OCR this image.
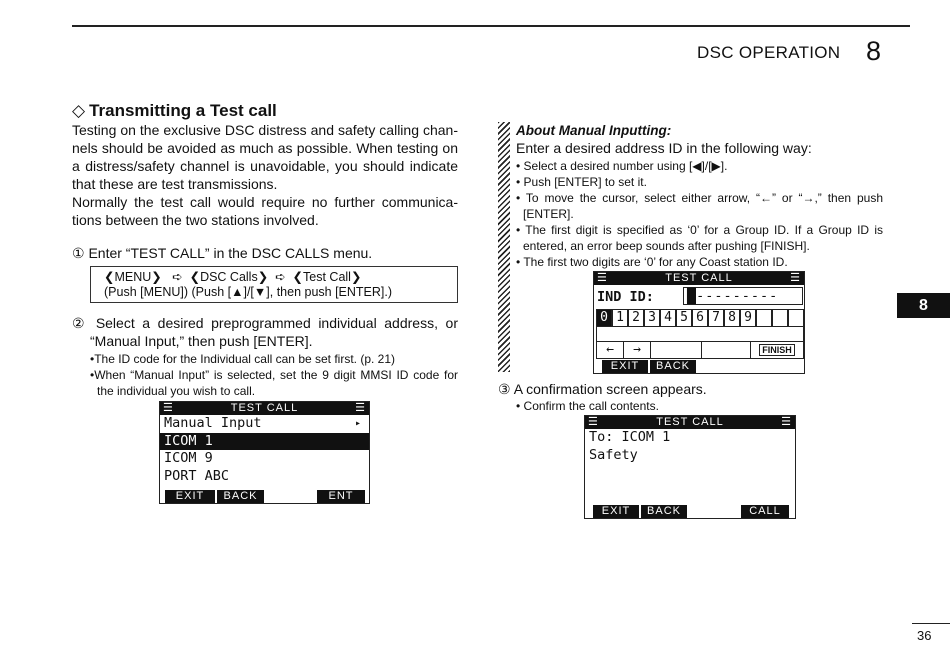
DSC OPERATION 8
8
36
◇ Transmitting a Test call
Testing on the exclusive DSC distress and safety calling chan-
nels should be avoided as much as possible. When testing on
a distress/safety channel is unavoidable, you should indicate
that these are test transmissions.
Normally the test call would require no further communica-
tions between the two stations involved.
① Enter “TEST CALL” in the DSC CALLS menu.
❮MENU❯   ➪  ❮DSC Calls❯  ➪  ❮Test Call❯
(Push [MENU]) (Push [▲]/[▼], then push [ENTER].)
② Select a desired preprogrammed individual address, or
“Manual Input,” then push [ENTER].
•The ID code for the Individual call can be set first. (p. 21)
•When “Manual Input” is selected, set the 9 digit MMSI ID code for
the individual you wish to call.
☰	TEST CALL	☰
Manual Input	▸
ICOM 1
ICOM 9
PORT ABC
EXIT	BACK	ENT
About Manual Inputting:
Enter a desired address ID in the following way:
• Select a desired number using [◀]/[▶].
• Push [ENTER] to set it.
• To move the cursor, select either arrow, “←” or “→,” then push
[ENTER].
• The first digit is specified as ‘0’ for a Group ID. If a Group ID is
entered, an error beep sounds after pushing [FINISH].
• The first two digits are ‘0’ for any Coast station ID.
☰	TEST CALL	☰
IND ID: █---------
0 1 2 3 4 5 6 7 8 9
←	→	FINISH
EXIT	BACK
③ A confirmation screen appears.
• Confirm the call contents.
☰	TEST CALL	☰
To: ICOM 1
Safety
EXIT	BACK	CALL
